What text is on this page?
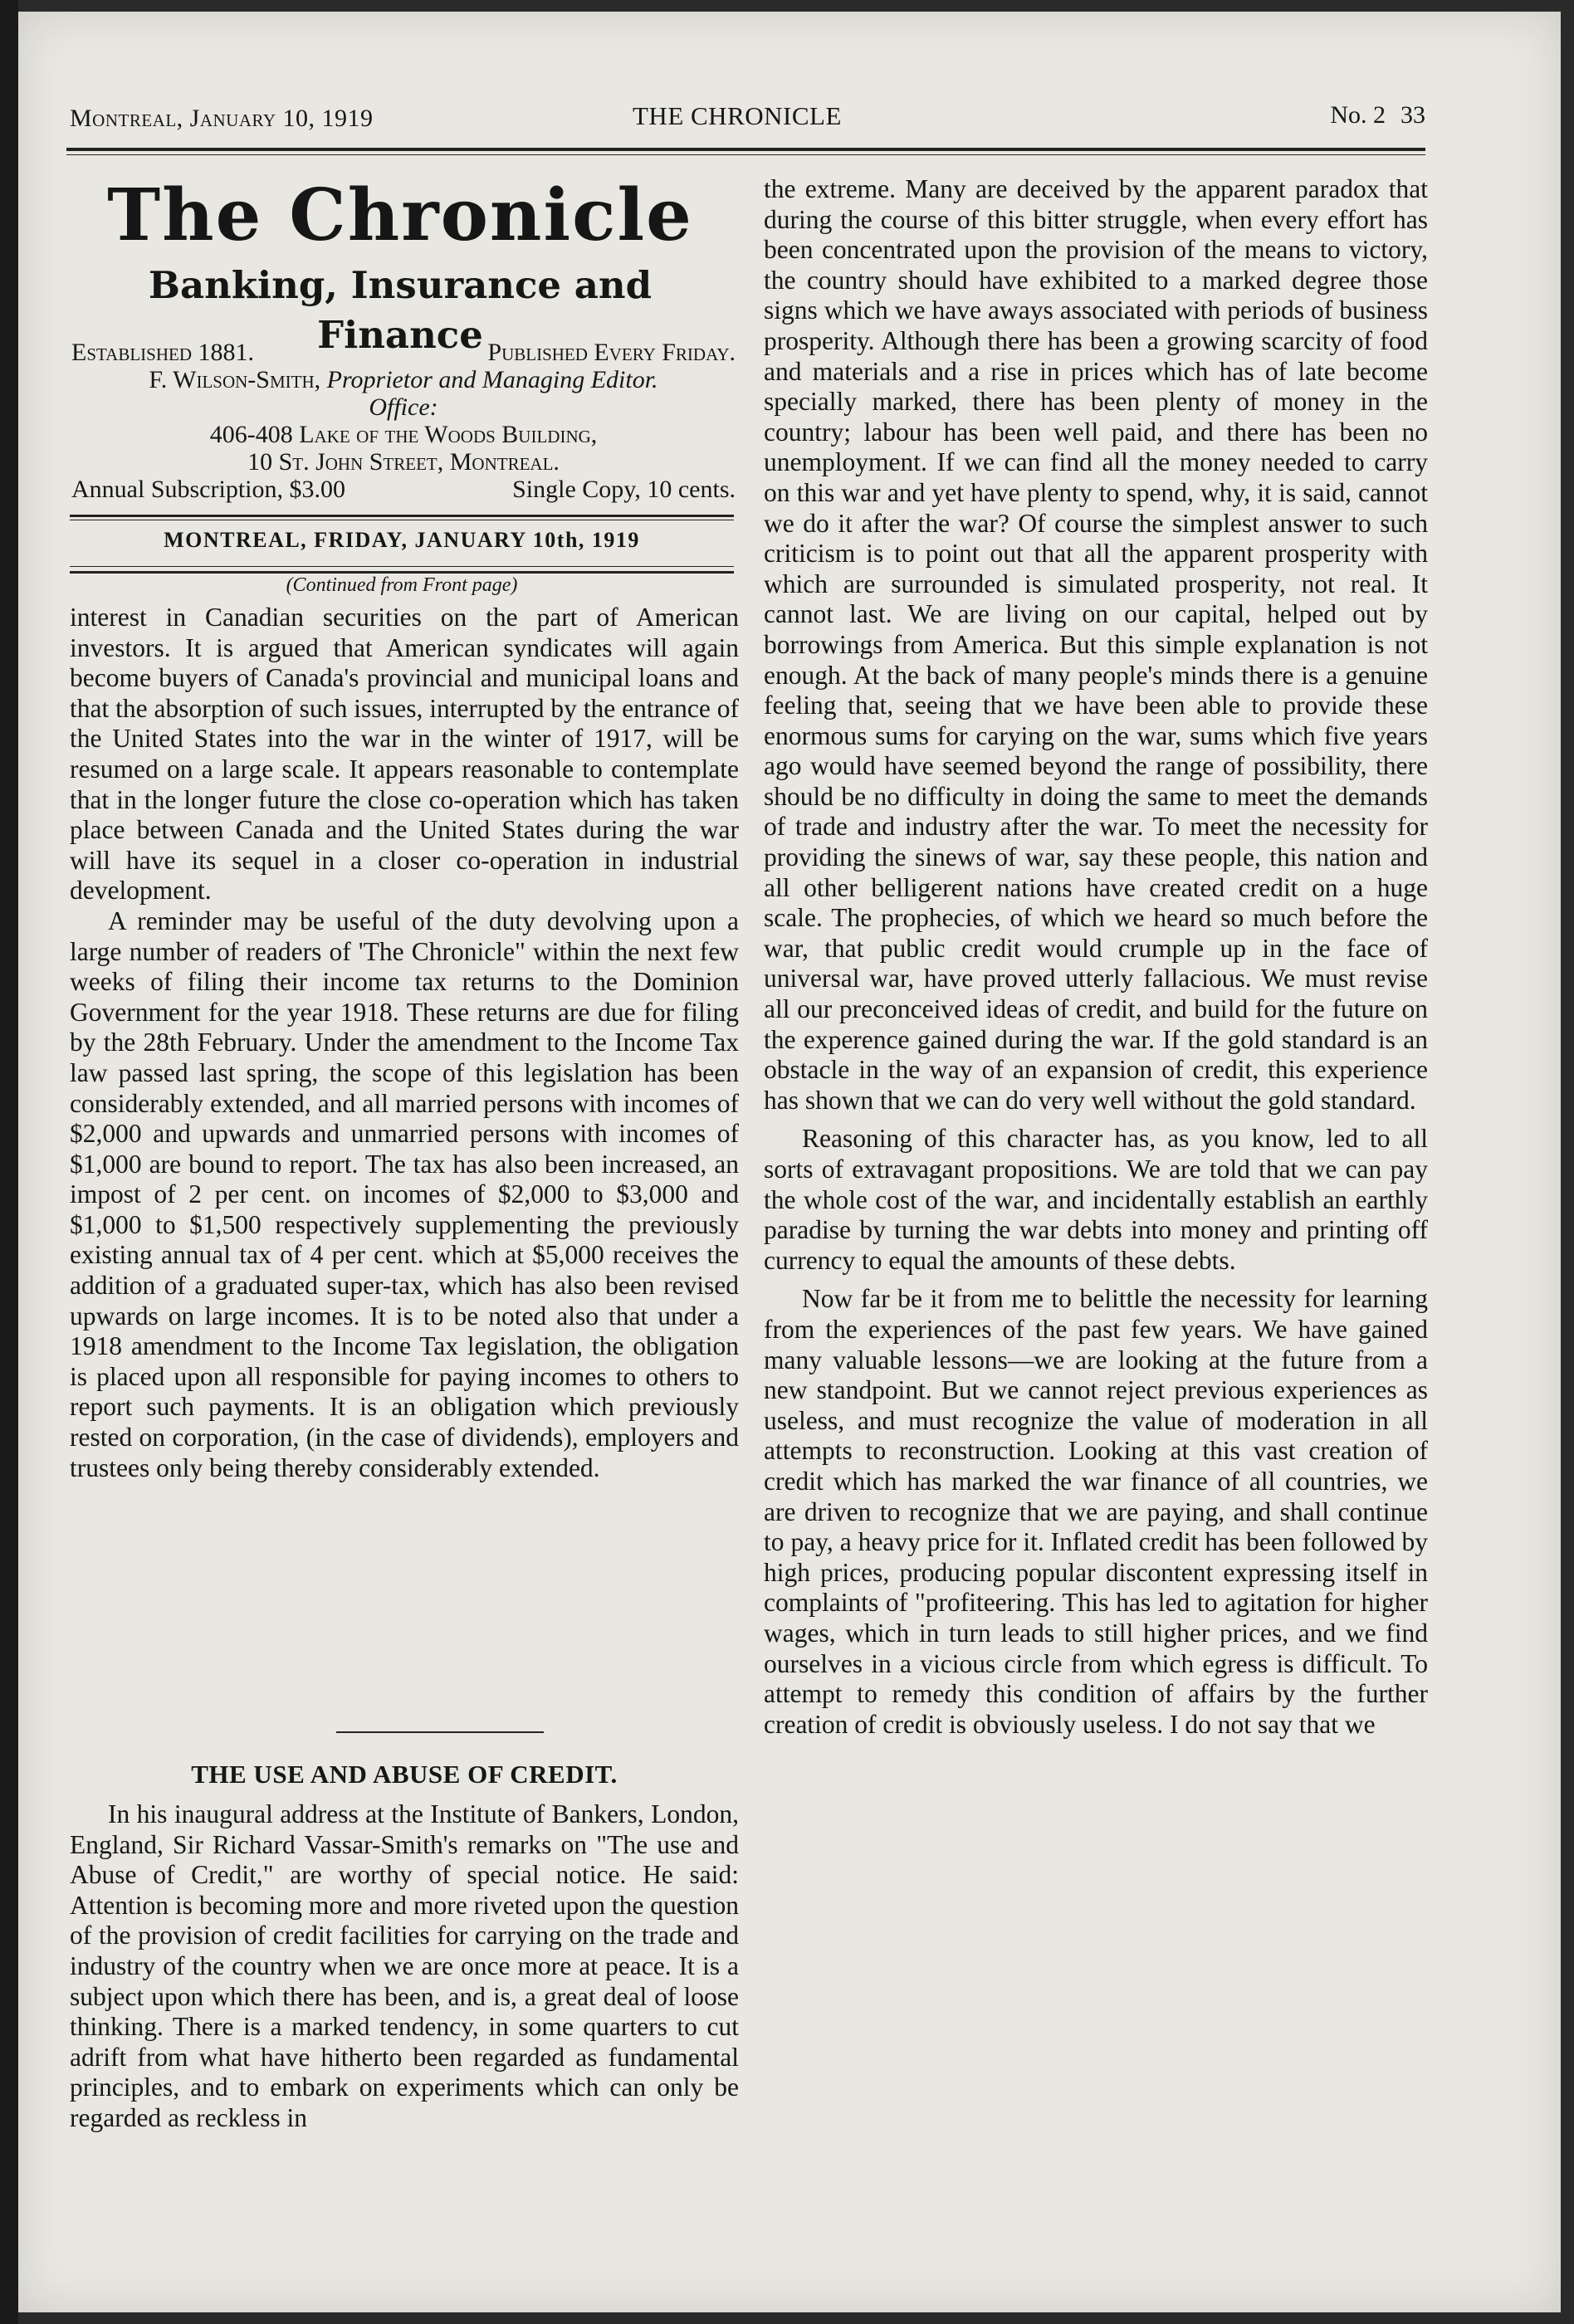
Montreal, January 10, 1919	THE CHRONICLE	No. 2 33
The Chronicle
Banking, Insurance and Finance
Established 1881.	Published Every Friday.
F. Wilson-Smith, Proprietor and Managing Editor.
Office:
406-408 Lake of the Woods Building,
10 St. John Street, Montreal.
Annual Subscription, $3.00	Single Copy, 10 cents.
MONTREAL, FRIDAY, JANUARY 10th, 1919
(Continued from Front page)

interest in Canadian securities on the part of American investors. It is argued that American syndicates will again become buyers of Canada's provincial and municipal loans and that the absorption of such issues, interrupted by the entrance of the United States into the war in the winter of 1917, will be resumed on a large scale. It appears reasonable to contemplate that in the longer future the close co-operation which has taken place between Canada and the United States during the war will have its sequel in a closer co-operation in industrial development.

A reminder may be useful of the duty devolving upon a large number of readers of 'The Chronicle" within the next few weeks of filing their income tax returns to the Dominion Government for the year 1918. These returns are due for filing by the 28th February. Under the amendment to the Income Tax law passed last spring, the scope of this legislation has been considerably extended, and all married persons with incomes of $2,000 and upwards and unmarried persons with incomes of $1,000 are bound to report. The tax has also been increased, an impost of 2 per cent. on incomes of $2,000 to $3,000 and $1,000 to $1,500 respectively supplementing the previously existing annual tax of 4 per cent. which at $5,000 receives the addition of a graduated super-tax, which has also been revised upwards on large incomes. It is to be noted also that under a 1918 amendment to the Income Tax legislation, the obligation is placed upon all responsible for paying incomes to others to report such payments. It is an obligation which previously rested on corporation, (in the case of dividends), employers and trustees only being thereby considerably extended.

THE USE AND ABUSE OF CREDIT.

In his inaugural address at the Institute of Bankers, London, England, Sir Richard Vassar-Smith's remarks on "The use and Abuse of Credit," are worthy of special notice. He said: Attention is becoming more and more riveted upon the question of the provision of credit facilities for carrying on the trade and industry of the country when we are once more at peace. It is a subject upon which there has been, and is, a great deal of loose thinking. There is a marked tendency, in some quarters to cut adrift from what have hitherto been regarded as fundamental principles, and to embark on experiments which can only be regarded as reckless in

the extreme. Many are deceived by the apparent paradox that during the course of this bitter struggle, when every effort has been concentrated upon the provision of the means to victory, the country should have exhibited to a marked degree those signs which we have aways associated with periods of business prosperity. Although there has been a growing scarcity of food and materials and a rise in prices which has of late become specially marked, there has been plenty of money in the country; labour has been well paid, and there has been no unemployment. If we can find all the money needed to carry on this war and yet have plenty to spend, why, it is said, cannot we do it after the war? Of course the simplest answer to such criticism is to point out that all the apparent prosperity with which are surrounded is simulated prosperity, not real. It cannot last. We are living on our capital, helped out by borrowings from America. But this simple explanation is not enough. At the back of many people's minds there is a genuine feeling that, seeing that we have been able to provide these enormous sums for carying on the war, sums which five years ago would have seemed beyond the range of possibility, there should be no difficulty in doing the same to meet the demands of trade and industry after the war. To meet the necessity for providing the sinews of war, say these people, this nation and all other belligerent nations have created credit on a huge scale. The prophecies, of which we heard so much before the war, that public credit would crumple up in the face of universal war, have proved utterly fallacious. We must revise all our preconceived ideas of credit, and build for the future on the experence gained during the war. If the gold standard is an obstacle in the way of an expansion of credit, this experience has shown that we can do very well without the gold standard.

Reasoning of this character has, as you know, led to all sorts of extravagant propositions. We are told that we can pay the whole cost of the war, and incidentally establish an earthly paradise by turning the war debts into money and printing off currency to equal the amounts of these debts.

Now far be it from me to belittle the necessity for learning from the experiences of the past few years. We have gained many valuable lessons—we are looking at the future from a new standpoint. But we cannot reject previous experiences as useless, and must recognize the value of moderation in all attempts to reconstruction. Looking at this vast creation of credit which has marked the war finance of all countries, we are driven to recognize that we are paying, and shall continue to pay, a heavy price for it. Inflated credit has been followed by high prices, producing popular discontent expressing itself in complaints of "profiteering. This has led to agitation for higher wages, which in turn leads to still higher prices, and we find ourselves in a vicious circle from which egress is difficult. To attempt to remedy this condition of affairs by the further creation of credit is obviously useless. I do not say that we
